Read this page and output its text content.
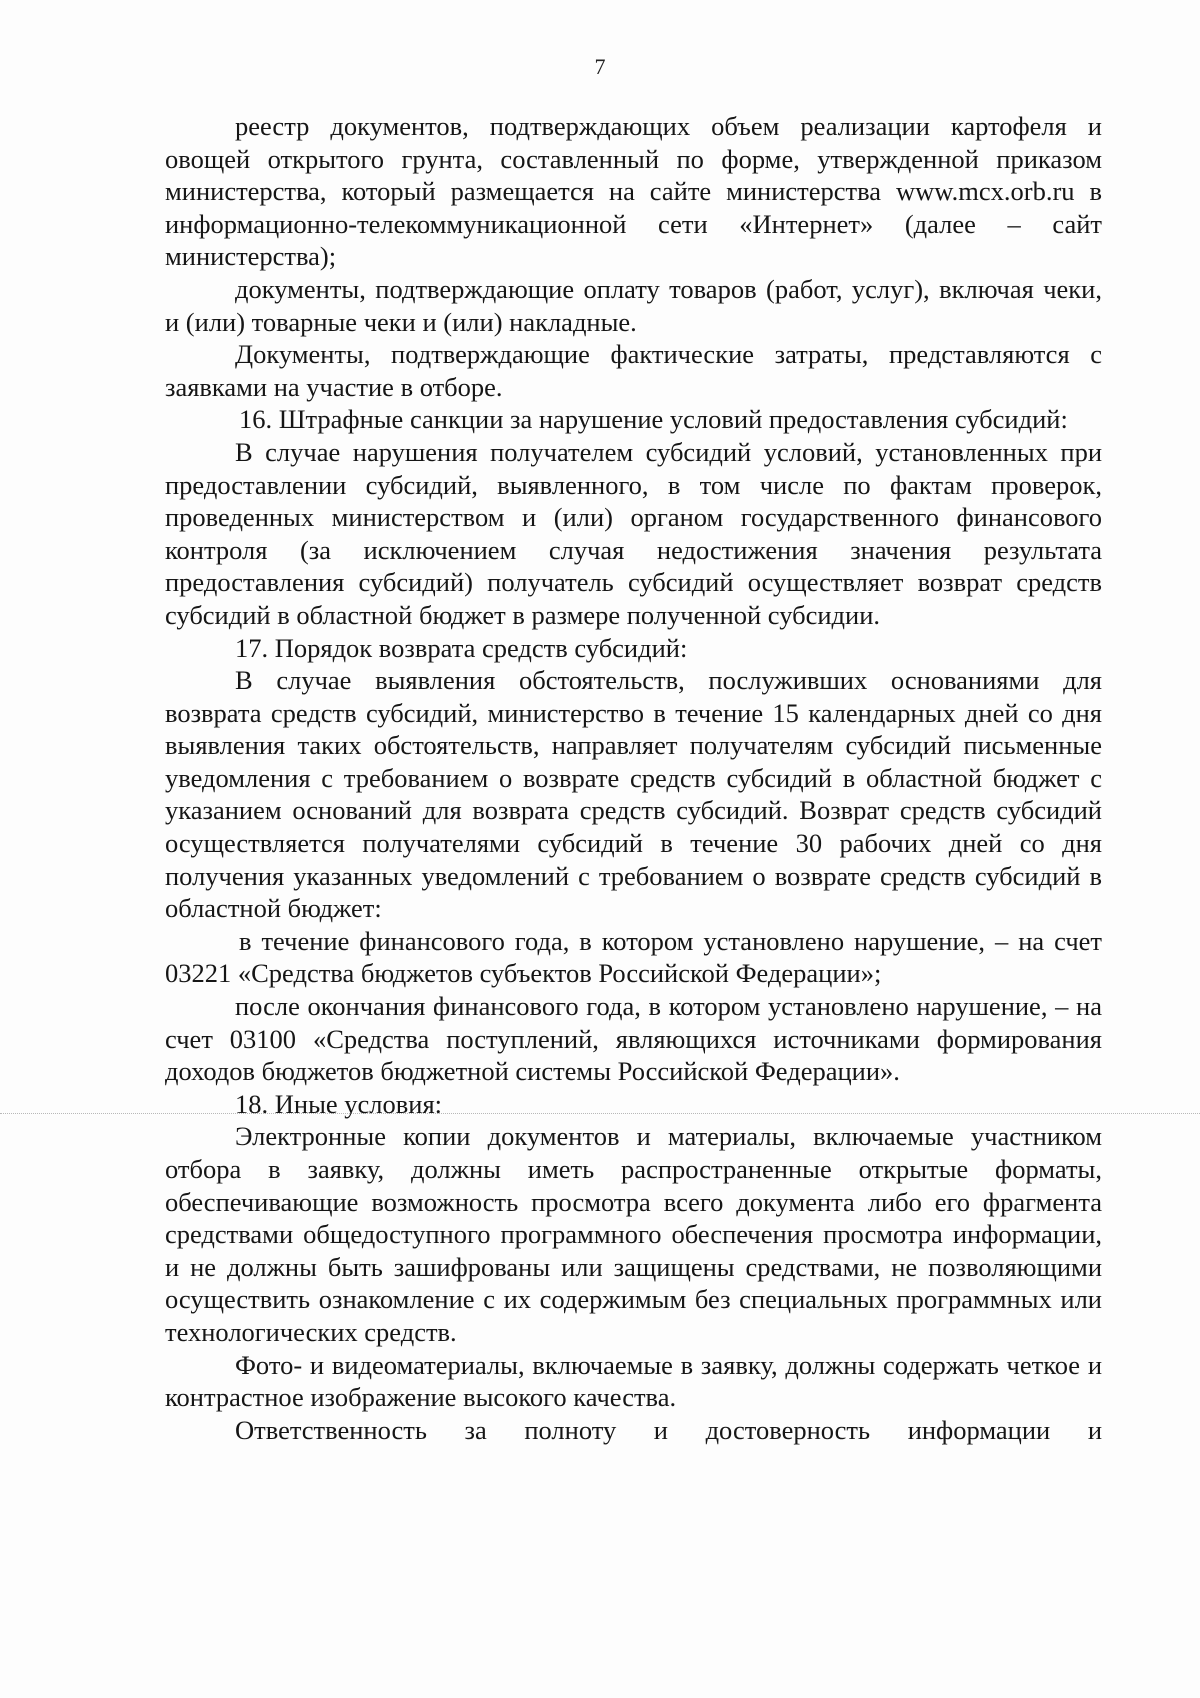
7

реестр документов, подтверждающих объем реализации картофеля и овощей открытого грунта, составленный по форме, утвержденной приказом министерства, который размещается на сайте министерства www.mcx.orb.ru в информационно-телекоммуникационной сети «Интернет» (далее – сайт министерства);

документы, подтверждающие оплату товаров (работ, услуг), включая чеки, и (или) товарные чеки и (или) накладные.

Документы, подтверждающие фактические затраты, представляются с заявками на участие в отборе.

16. Штрафные санкции за нарушение условий предоставления субсидий:

В случае нарушения получателем субсидий условий, установленных при предоставлении субсидий, выявленного, в том числе по фактам проверок, проведенных министерством и (или) органом государственного финансового контроля (за исключением случая недостижения значения результата предоставления субсидий) получатель субсидий осуществляет возврат средств субсидий в областной бюджет в размере полученной субсидии.

17. Порядок возврата средств субсидий:

В случае выявления обстоятельств, послуживших основаниями для возврата средств субсидий, министерство в течение 15 календарных дней со дня выявления таких обстоятельств, направляет получателям субсидий письменные уведомления с требованием о возврате средств субсидий в областной бюджет с указанием оснований для возврата средств субсидий. Возврат средств субсидий осуществляется получателями субсидий в течение 30 рабочих дней со дня получения указанных уведомлений с требованием о возврате средств субсидий в областной бюджет:

в течение финансового года, в котором установлено нарушение, – на счет 03221 «Средства бюджетов субъектов Российской Федерации»;

после окончания финансового года, в котором установлено нарушение, – на счет 03100 «Средства поступлений, являющихся источниками формирования доходов бюджетов бюджетной системы Российской Федерации».

18. Иные условия:

Электронные копии документов и материалы, включаемые участником отбора в заявку, должны иметь распространенные открытые форматы, обеспечивающие возможность просмотра всего документа либо его фрагмента средствами общедоступного программного обеспечения просмотра информации, и не должны быть зашифрованы или защищены средствами, не позволяющими осуществить ознакомление с их содержимым без специальных программных или технологических средств.

Фото- и видеоматериалы, включаемые в заявку, должны содержать четкое и контрастное изображение высокого качества.

Ответственность за полноту и достоверность информации и
